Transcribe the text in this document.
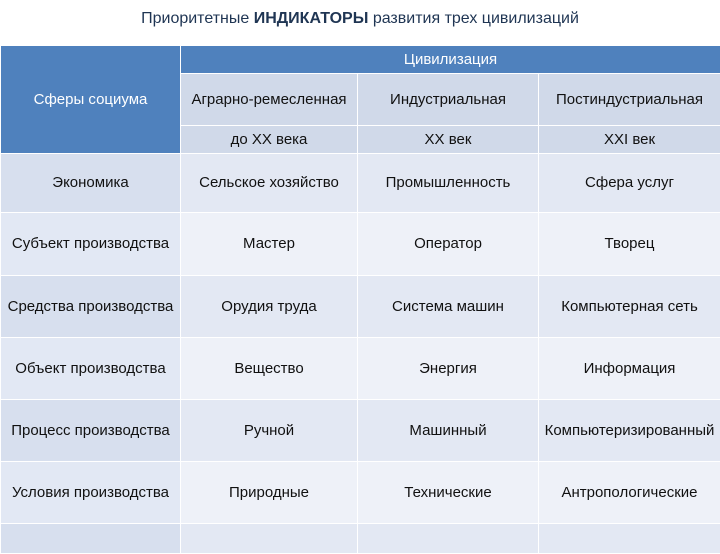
Приоритетные ИНДИКАТОРЫ развития трех цивилизаций
Сферы социума	Цивилизация		
	Аграрно-ремесленная	Индустриальная	Постиндустриальная
	до XX века	XX век	XXI век
Экономика	Сельское хозяйство	Промышленность	Сфера услуг
Субъект производства	Мастер	Оператор	Творец
Средства производства	Орудия труда	Система машин	Компьютерная сеть
Объект производства	Вещество	Энергия	Информация
Процесс производства	Ручной	Машинный	Компьютеризированный
Условия производства	Природные	Технические	Антропологические
